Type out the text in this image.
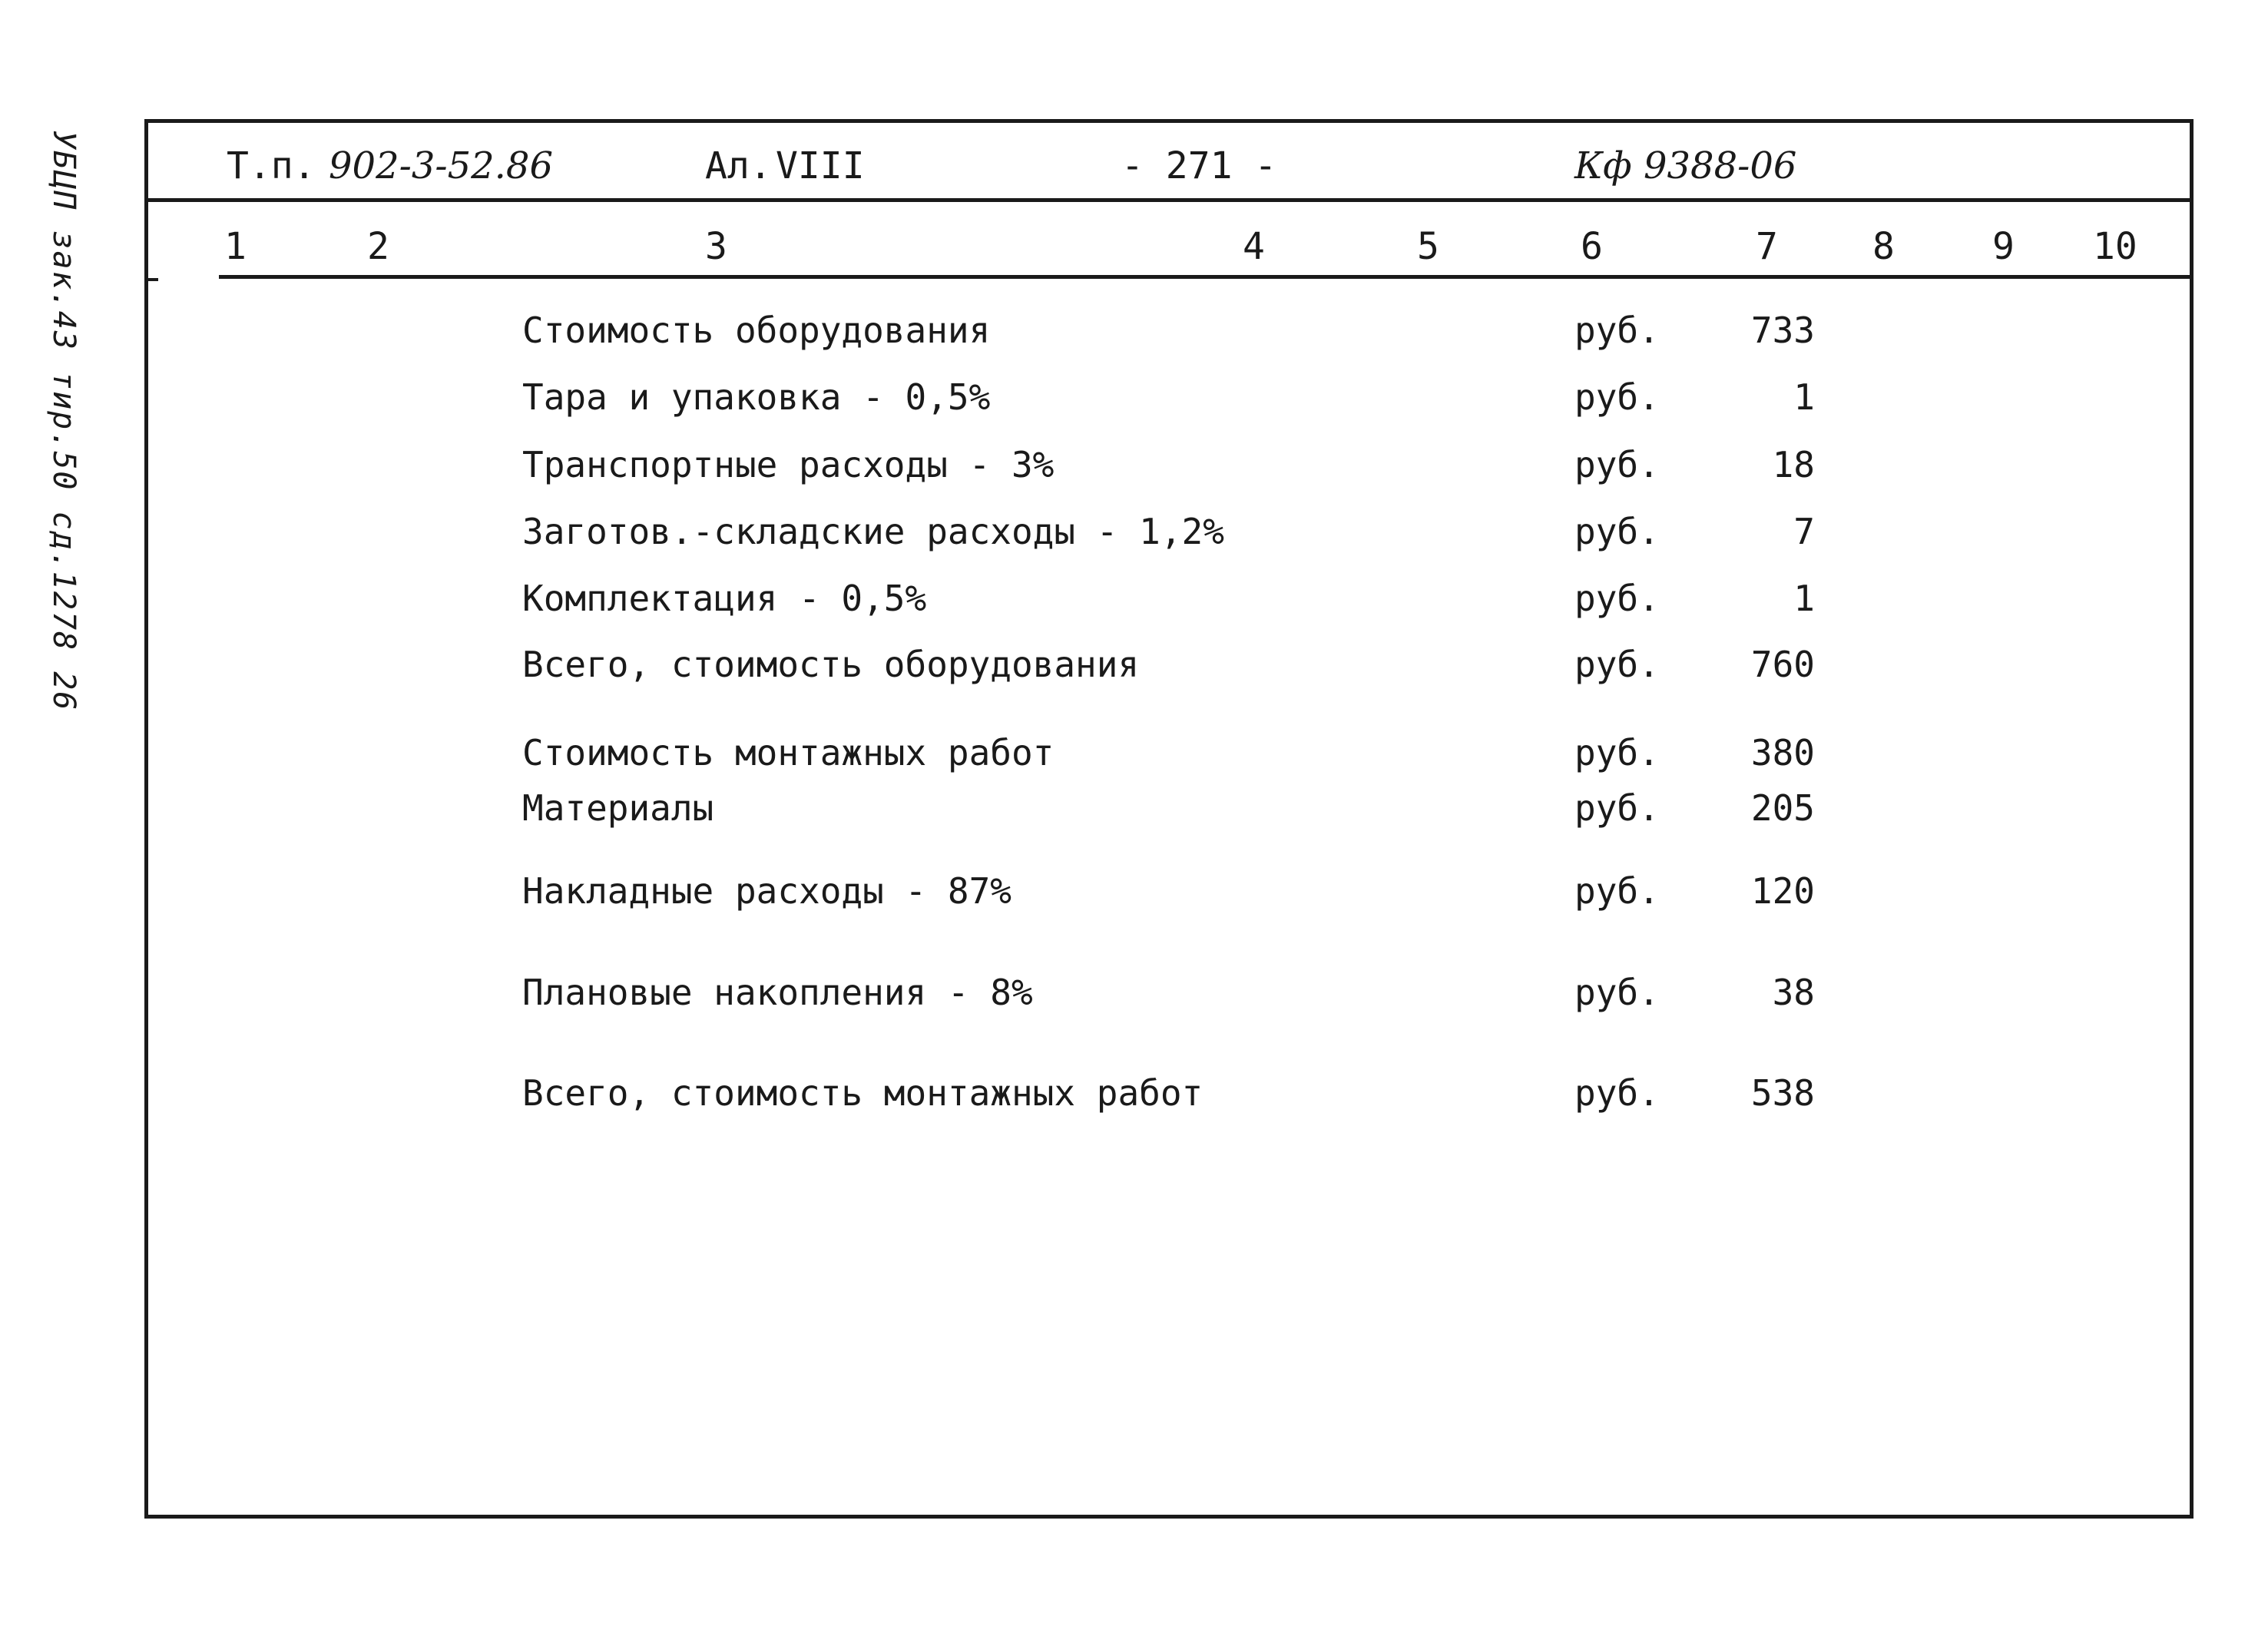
УБЦП зак.43 тир.50 сд.1278 26	Т.п. 902-3-52.86	Ал. VIII	- 271 -	Кф 9388-06
1	2	3	4	5	6	7	8	9 10
Стоимость оборудования	руб.	733
Тара и упаковка - 0,5%	руб.	1
Транспортные расходы - 3%	руб.	18
Заготов.-складские расходы - 1,2%	руб.	7
Комплектация - 0,5%	руб.	1
Всего, стоимость оборудования	руб.	760
Стоимость монтажных работ	руб.	380
Материалы	руб.	205
Накладные расходы - 87%	руб.	120
Плановые накопления - 8%	руб.	38
Всего, стоимость монтажных работ	руб.	538
